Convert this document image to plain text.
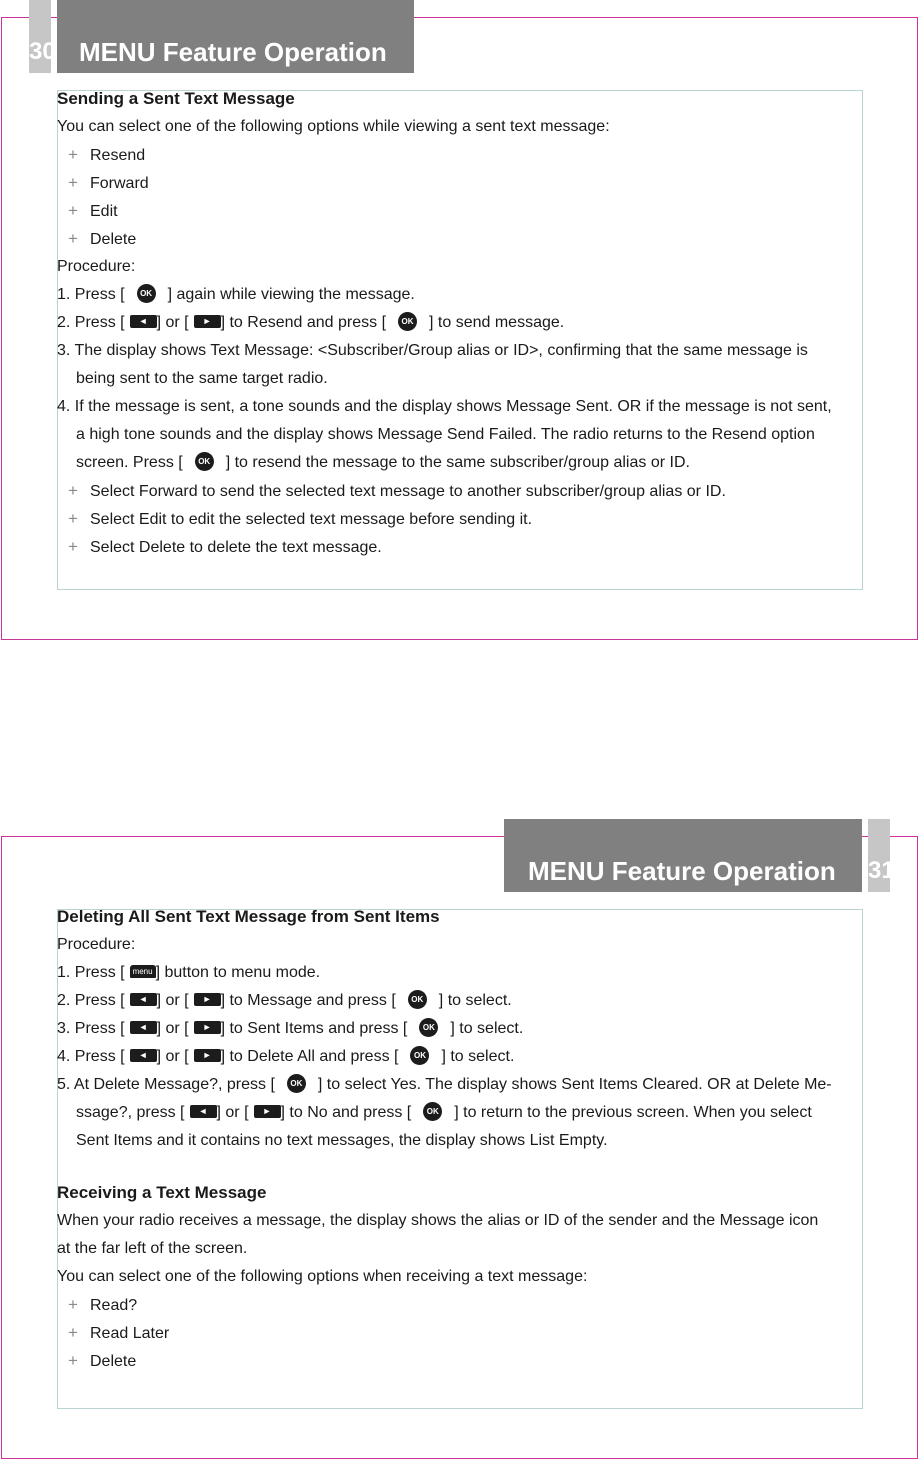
30 MENU Feature Operation
Sending a Sent Text Message
You can select one of the following options while viewing a sent text message:
+ Resend
+ Forward
+ Edit
+ Delete
Procedure:
1. Press [ OK ] again while viewing the message.
2. Press [ ◄ ] or [ ► ] to Resend and press [ OK ] to send message.
3. The display shows Text Message: <Subscriber/Group alias or ID>, confirming that the same message is
being sent to the same target radio.
4. If the message is sent, a tone sounds and the display shows Message Sent. OR if the message is not sent,
a high tone sounds and the display shows Message Send Failed. The radio returns to the Resend option
screen. Press [ OK ] to resend the message to the same subscriber/group alias or ID.
+ Select Forward to send the selected text message to another subscriber/group alias or ID.
+ Select Edit to edit the selected text message before sending it.
+ Select Delete to delete the text message.
MENU Feature Operation	31
Deleting All Sent Text Message from Sent Items
Procedure:
1. Press [ menu ] button to menu mode.
2. Press [ ◄ ] or [ ► ] to Message and press [ OK ] to select.
3. Press [ ◄ ] or [ ► ] to Sent Items and press [ OK ] to select.
4. Press [ ◄ ] or [ ► ] to Delete All and press [ OK ] to select.
5. At Delete Message?, press [ OK ] to select Yes. The display shows Sent Items Cleared. OR at Delete Me-
ssage?, press [ ◄ ] or [ ► ] to No and press [ OK ] to return to the previous screen. When you select
Sent Items and it contains no text messages, the display shows List Empty.
Receiving a Text Message
When your radio receives a message, the display shows the alias or ID of the sender and the Message icon
at the far left of the screen.
You can select one of the following options when receiving a text message:
+ Read?
+ Read Later
+ Delete
